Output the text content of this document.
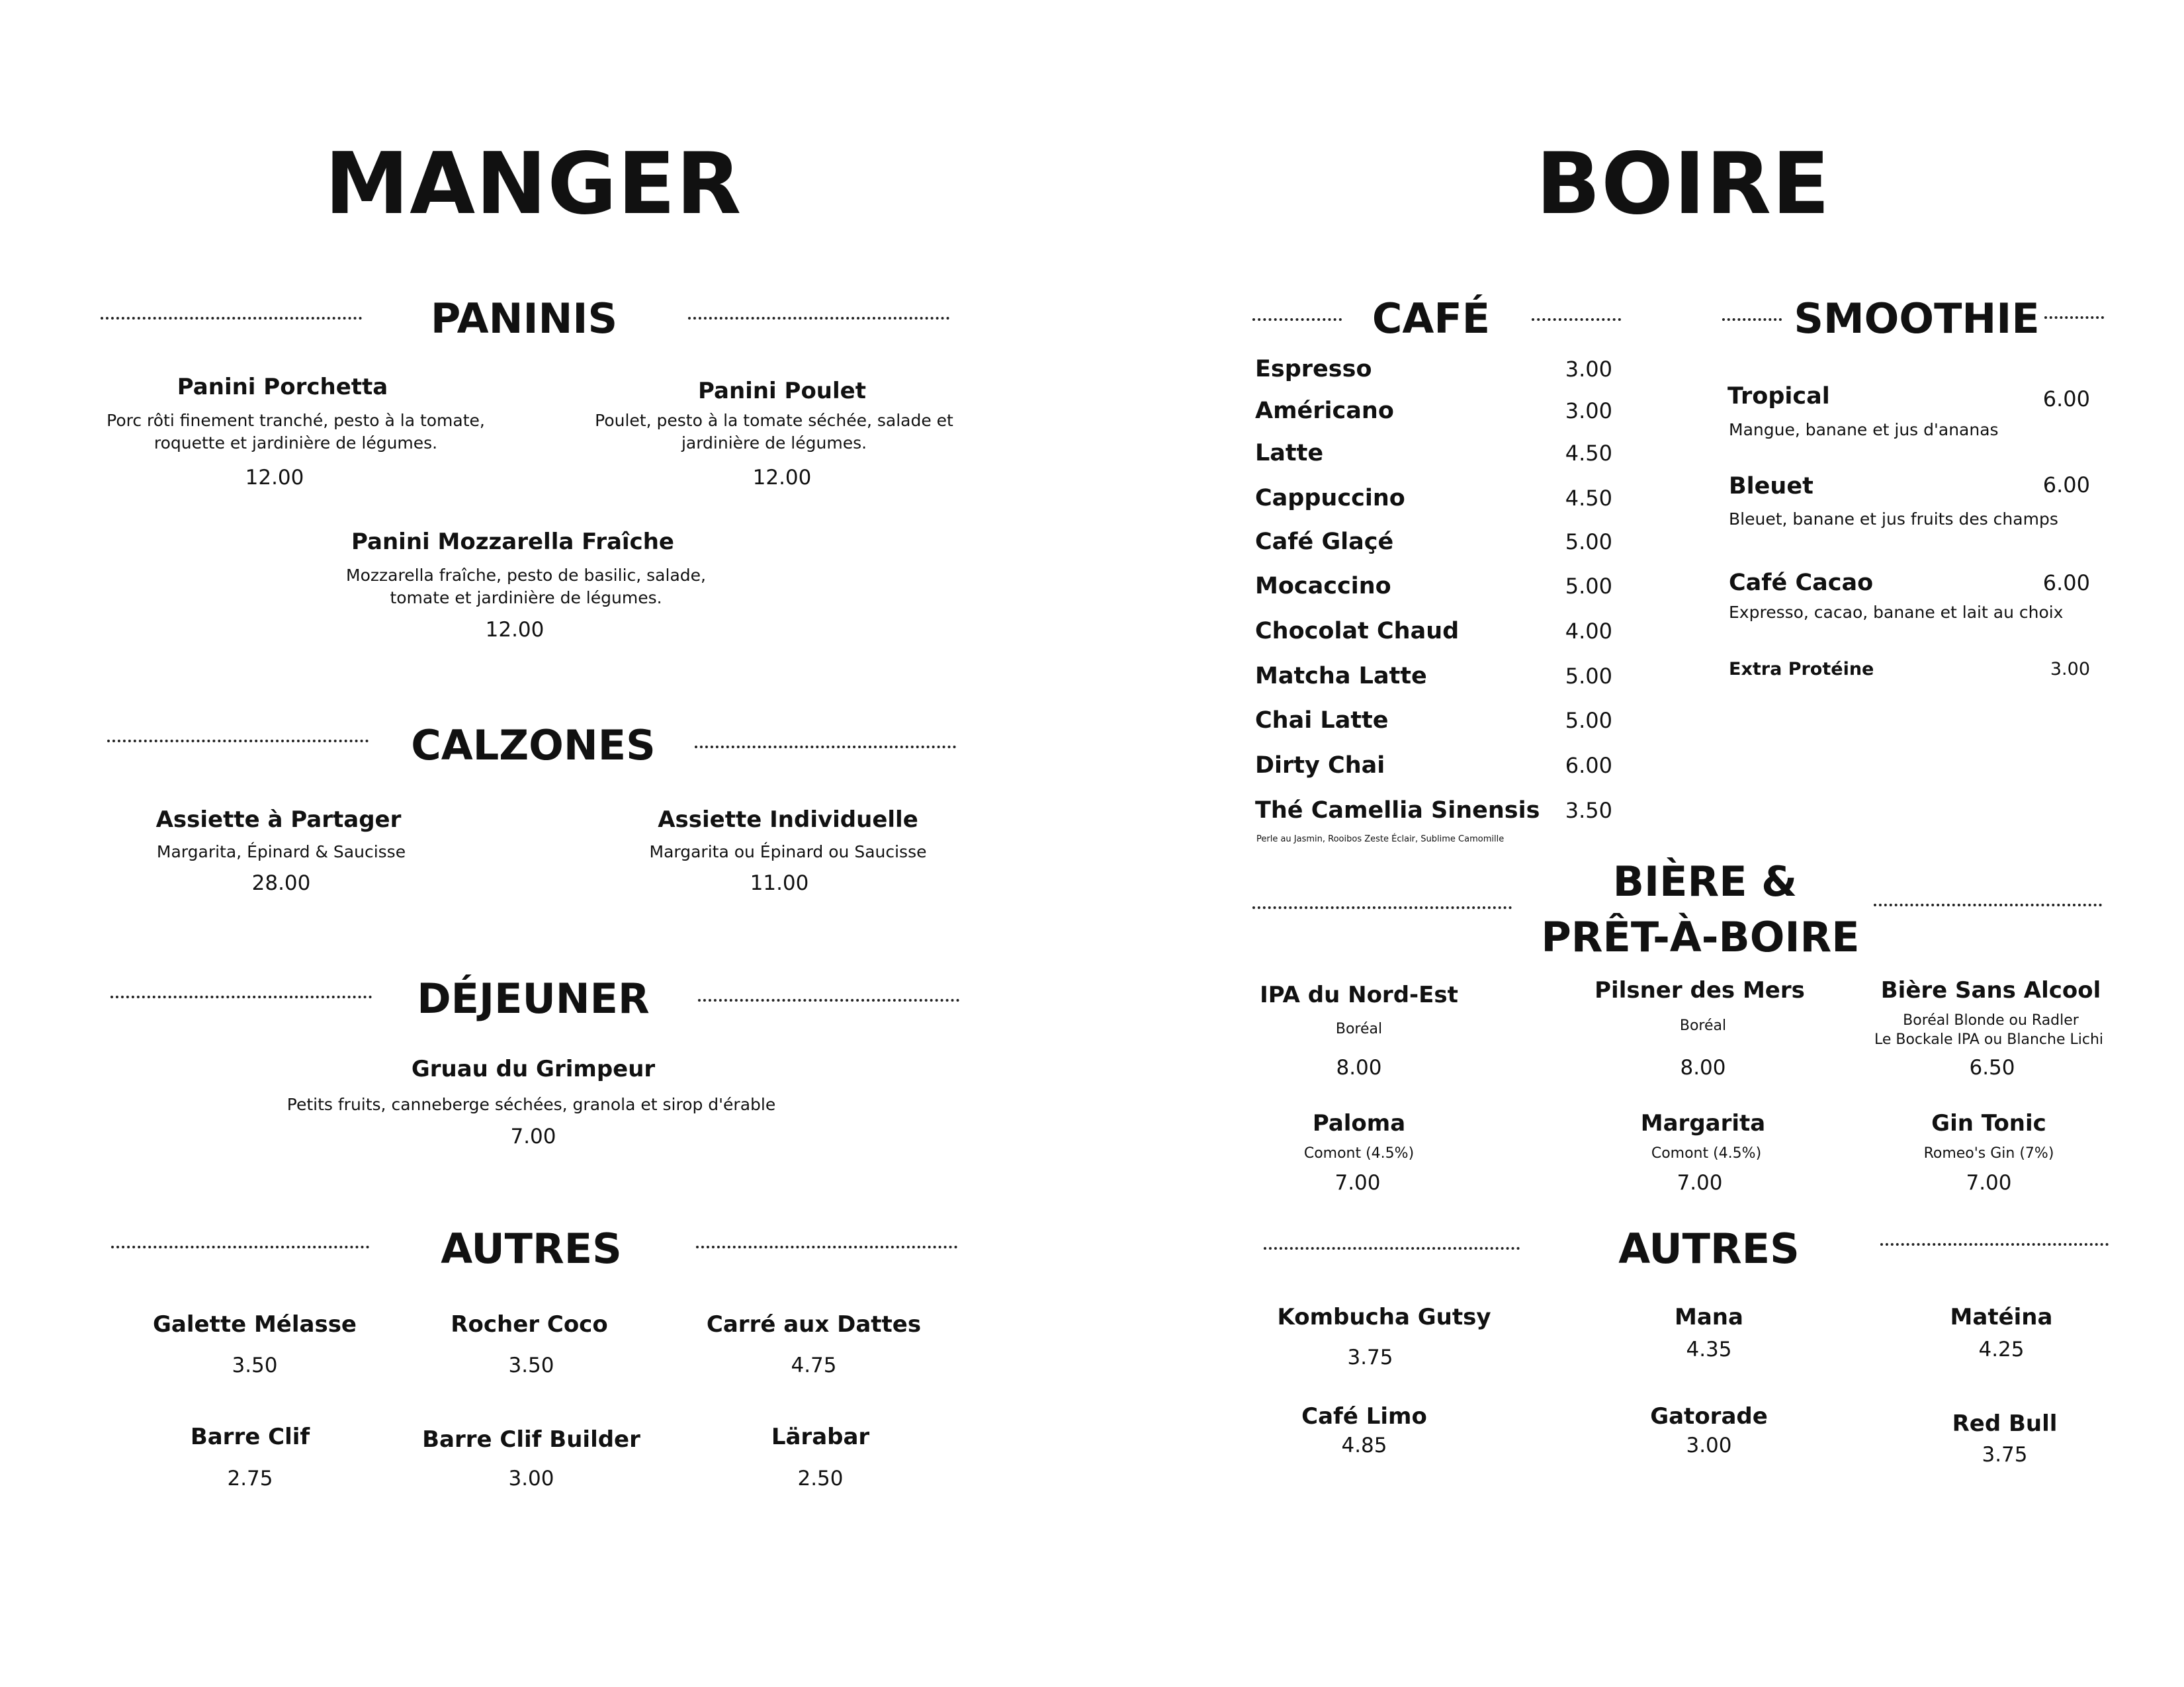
MANGER
PANINIS
Panini Porchetta
Porc rôti finement tranché, pesto à la tomate,
roquette et jardinière de légumes.
12.00
Panini Poulet
Poulet, pesto à la tomate séchée, salade et
jardinière de légumes.
12.00
Panini Mozzarella Fraîche
Mozzarella fraîche, pesto de basilic, salade,
tomate et jardinière de légumes.
12.00
CALZONES
Assiette à Partager
Margarita, Épinard & Saucisse
28.00
Assiette Individuelle
Margarita ou Épinard ou Saucisse
11.00
DÉJEUNER
Gruau du Grimpeur
Petits fruits, canneberge séchées, granola et sirop d'érable
7.00
AUTRES
Galette Mélasse
3.50
Rocher Coco
3.50
Carré aux Dattes
4.75
Barre Clif
2.75
Barre Clif Builder
3.00
Lärabar
2.50
BOIRE
CAFÉ
Espresso	3.00
Américano	3.00
Latte	4.50
Cappuccino	4.50
Café Glaçé	5.00
Mocaccino	5.00
Chocolat Chaud	4.00
Matcha Latte	5.00
Chai Latte	5.00
Dirty Chai	6.00
Thé Camellia Sinensis 3.50
Perle au Jasmin, Rooibos Zeste Éclair, Sublime Camomille
SMOOTHIE
Tropical	6.00
Mangue, banane et jus d'ananas
Bleuet	6.00
Bleuet, banane et jus fruits des champs
Café Cacao	6.00
Expresso, cacao, banane et lait au choix
Extra Protéine	3.00
BIÈRE &
PRÊT-À-BOIRE
IPA du Nord-Est
Boréal
8.00
Pilsner des Mers
Boréal
8.00
Bière Sans Alcool
Boréal Blonde ou Radler
Le Bockale IPA ou Blanche Lichi
6.50
Paloma
Comont (4.5%)
7.00
Margarita
Comont (4.5%)
7.00
Gin Tonic
Romeo's Gin (7%)
7.00
AUTRES
Kombucha Gutsy
3.75
Mana
4.35
Matéina
4.25
Café Limo
4.85
Gatorade
3.00
Red Bull
3.75
